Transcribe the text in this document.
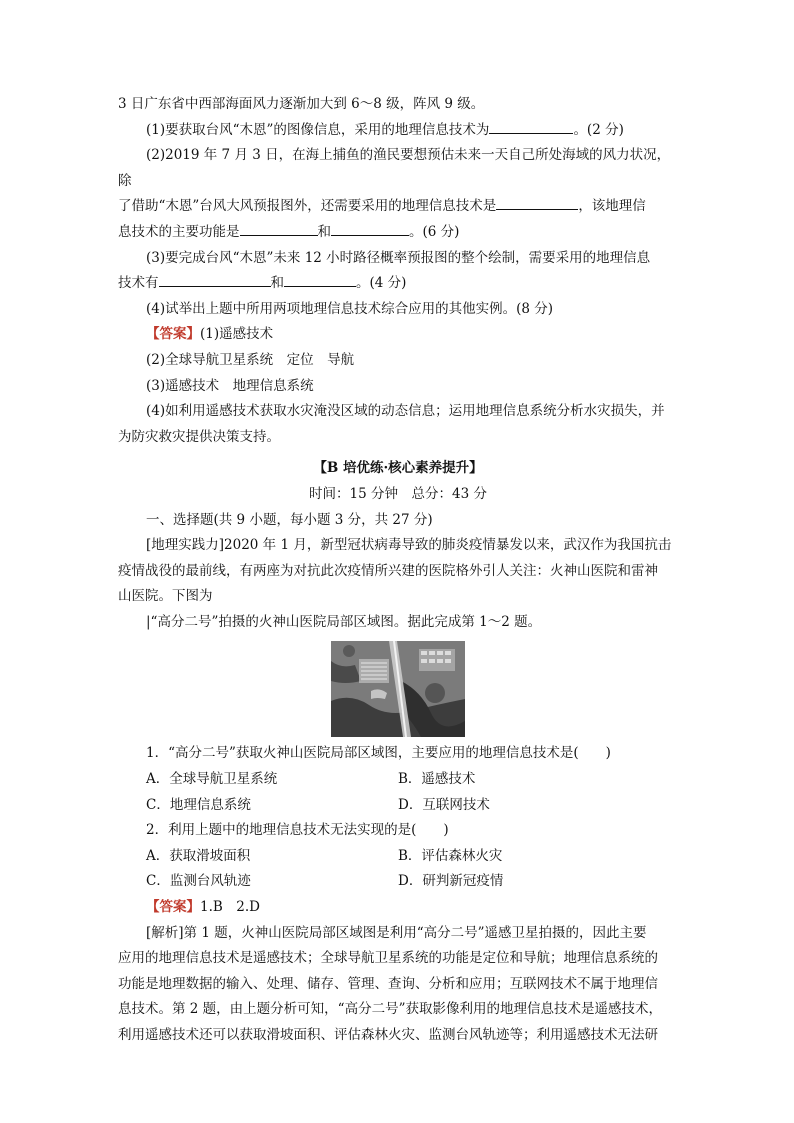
3 日广东省中西部海面风力逐渐加大到 6～8 级，阵风 9 级。

(1)要获取台风“木恩”的图像信息，采用的地理信息技术为	。(2 分)

(2)2019 年 7 月 3 日，在海上捕鱼的渔民要想预估未来一天自己所处海域的风力状况，除

了借助“木恩”台风大风预报图外，还需要采用的地理信息技术是	，该地理信

息技术的主要功能是	和	。(6 分)

(3)要完成台风“木恩”未来 12 小时路径概率预报图的整个绘制，需要采用的地理信息

技术有	和	。(4 分)

(4)试举出上题中所用两项地理信息技术综合应用的其他实例。(8 分)

【答案】(1)遥感技术

(2)全球导航卫星系统　定位　导航

(3)遥感技术　地理信息系统

(4)如利用遥感技术获取水灾淹没区域的动态信息；运用地理信息系统分析水灾损失，并

为防灾救灾提供决策支持。

【B 培优练·核心素养提升】

时间：15 分钟　总分：43 分

一、选择题(共 9 小题，每小题 3 分，共 27 分)

[地理实践力]2020 年 1 月，新型冠状病毒导致的肺炎疫情暴发以来，武汉作为我国抗击

疫情战役的最前线，有两座为对抗此次疫情所兴建的医院格外引人关注：火神山医院和雷神

山医院。下图为

|“高分二号”拍摄的火神山医院局部区域图。据此完成第 1～2 题。

1．“高分二号”获取火神山医院局部区域图，主要应用的地理信息技术是(　　)

A．全球导航卫星系统	B．遥感技术
C．地理信息系统	D．互联网技术

2．利用上题中的地理信息技术无法实现的是(　　)

A．获取滑坡面积	B．评估森林火灾
C．监测台风轨迹	D．研判新冠疫情

【答案】1.B　2.D

[解析]第 1 题，火神山医院局部区域图是利用“高分二号”遥感卫星拍摄的，因此主要

应用的地理信息技术是遥感技术；全球导航卫星系统的功能是定位和导航；地理信息系统的

功能是地理数据的输入、处理、储存、管理、查询、分析和应用；互联网技术不属于地理信

息技术。第 2 题，由上题分析可知，“高分二号”获取影像利用的地理信息技术是遥感技术，

利用遥感技术还可以获取滑坡面积、评估森林火灾、监测台风轨迹等；利用遥感技术无法研
